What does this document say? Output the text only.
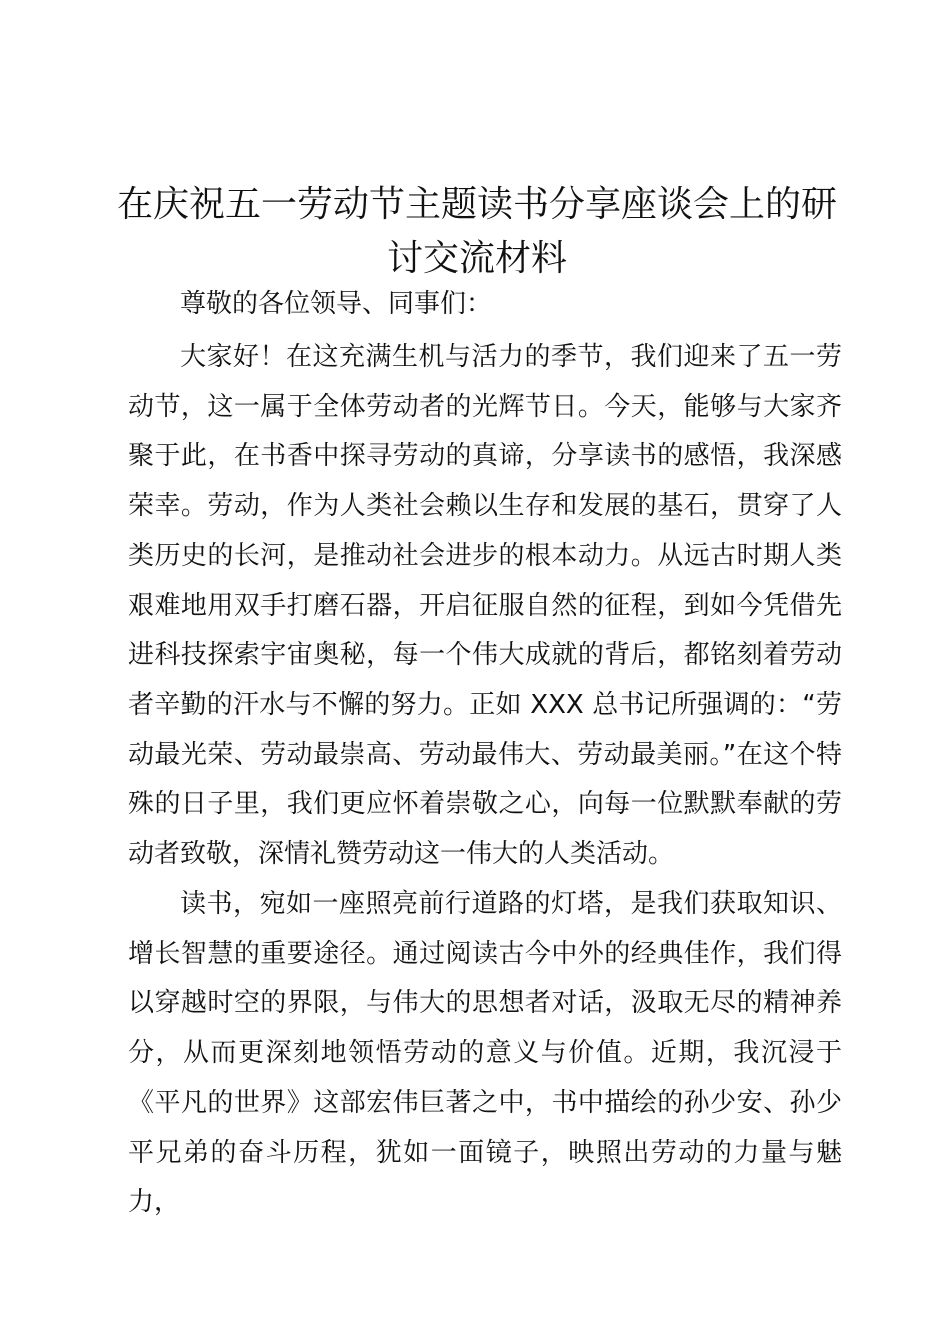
在庆祝五一劳动节主题读书分享座谈会上的研讨交流材料

尊敬的各位领导、同事们：

大家好！在这充满生机与活力的季节，我们迎来了五一劳动节，这一属于全体劳动者的光辉节日。今天，能够与大家齐聚于此，在书香中探寻劳动的真谛，分享读书的感悟，我深感荣幸。劳动，作为人类社会赖以生存和发展的基石，贯穿了人类历史的长河，是推动社会进步的根本动力。从远古时期人类艰难地用双手打磨石器，开启征服自然的征程，到如今凭借先进科技探索宇宙奥秘，每一个伟大成就的背后，都铭刻着劳动者辛勤的汗水与不懈的努力。正如 XXX 总书记所强调的：“劳动最光荣、劳动最崇高、劳动最伟大、劳动最美丽。”在这个特殊的日子里，我们更应怀着崇敬之心，向每一位默默奉献的劳动者致敬，深情礼赞劳动这一伟大的人类活动。

读书，宛如一座照亮前行道路的灯塔，是我们获取知识、增长智慧的重要途径。通过阅读古今中外的经典佳作，我们得以穿越时空的界限，与伟大的思想者对话，汲取无尽的精神养分，从而更深刻地领悟劳动的意义与价值。近期，我沉浸于《平凡的世界》这部宏伟巨著之中，书中描绘的孙少安、孙少平兄弟的奋斗历程，犹如一面镜子，映照出劳动的力量与魅力，
